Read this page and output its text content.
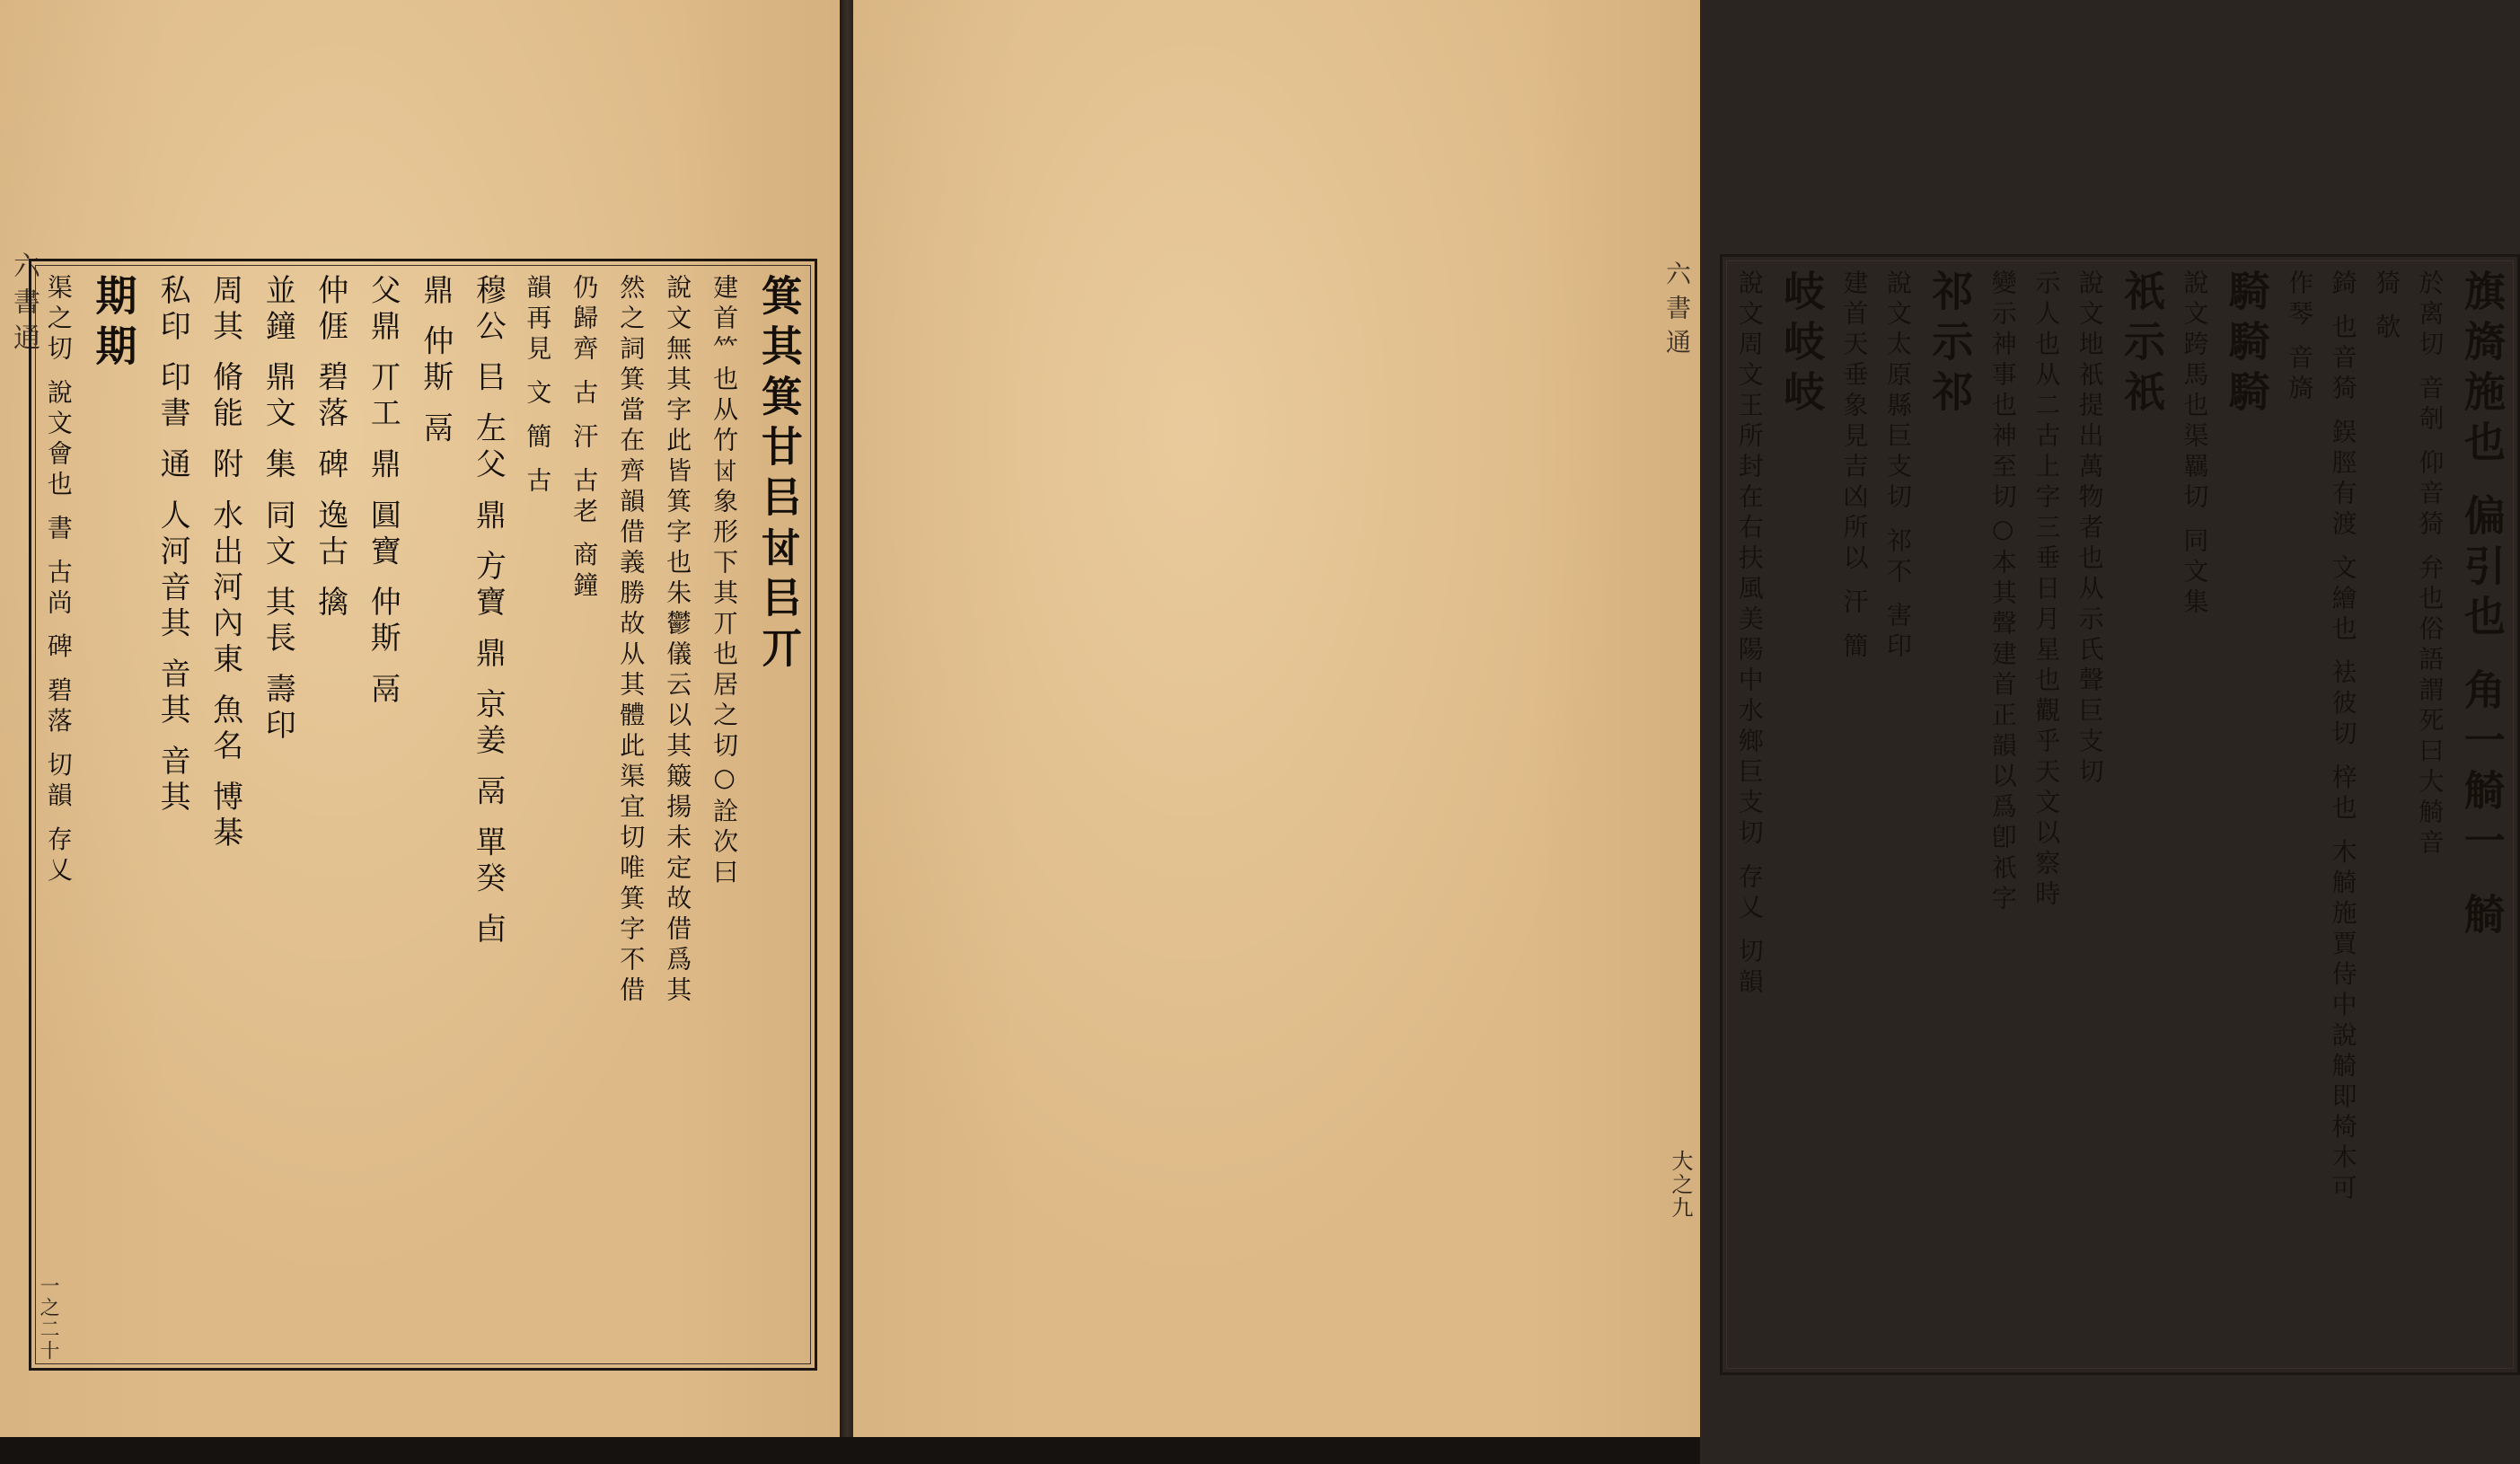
六書通	箕其箕甘㠯𠀠㠯丌
建首𥫗也从竹𠀠象形下其丌也居之切○詮次曰
說文無其字此皆箕字也朱鬱儀云以其簸揚未定故借爲其
然之詞箕當在齊韻借義勝故从其體此渠宜切唯箕字不借
仍歸齊 古 汗 古老 商鐘
韻再見 文 簡 古
穆公 㠯 左父 鼎 方寶 鼎 京姜 鬲 單癸 卣
鼎 仲斯 鬲
父鼎 丌工 鼎 圓寶 仲斯 鬲
仲𠊎 碧落 碑 逸古 擒
並鐘 鼎文 集 同文 其長 壽印
周其 脩能 附 水出河內東 魚名 博棊
私印 印書 通 人河音其 音其 音其
期期
渠之切 說文會也 書 古尚 碑 碧落 切韻 存乂
一之二十
旗旖施也 偏引也 角一觭一 觭
於离切 音剞 仰音猗 弁也俗語謂死曰大觭音
猗 欹
錡 也音猗 鋘脛有渡 文繪也 袪彼切 梓也 木觭施賈侍中說觭即椅木可
作琴 音旖
騎騎騎
說文跨馬也渠羈切 同文集
祇示祇
說文地祇提出萬物者也从示氏聲巨支切
示人也从二古上字三垂日月星也觀乎天文以察時
變示神事也神至切○本其聲建首正韻以爲卽祇字
祁示祁
說文太原縣巨支切 祁不 害印
建首天垂象見吉凶所以 汗 簡
岐岐岐
說文周文王所封在右扶風美陽中水鄉巨支切 存乂 切韻
六書通
大之九
